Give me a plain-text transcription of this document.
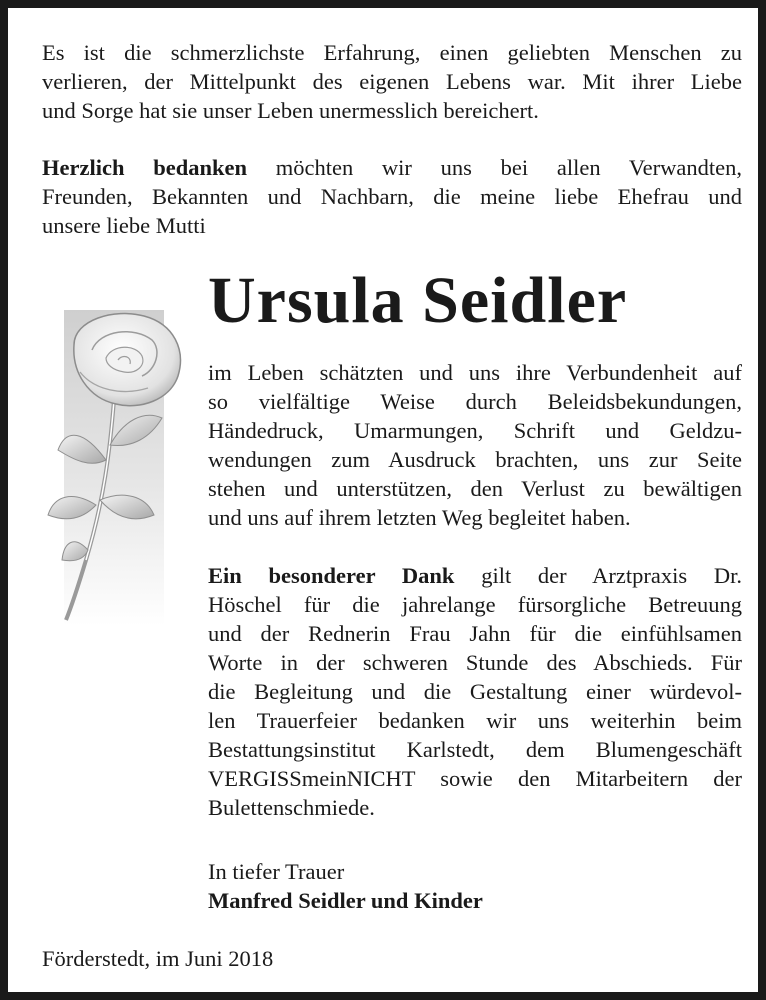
Es ist die schmerzlichste Erfahrung, einen geliebten Menschen zu
verlieren, der Mittelpunkt des eigenen Lebens war. Mit ihrer Liebe
und Sorge hat sie unser Leben unermesslich bereichert.
Herzlich bedanken möchten wir uns bei allen Verwandten,
Freunden, Bekannten und Nachbarn, die meine liebe Ehefrau und
unsere liebe Mutti
Ursula Seidler
im Leben schätzten und uns ihre Verbundenheit auf
so vielfältige Weise durch Beleidsbekundungen,
Händedruck, Umarmungen, Schrift und Geldzu-
wendungen zum Ausdruck brachten, uns zur Seite
stehen und unterstützen, den Verlust zu bewältigen
und uns auf ihrem letzten Weg begleitet haben.
Ein besonderer Dank gilt der Arztpraxis Dr.
Höschel für die jahrelange fürsorgliche Betreuung
und der Rednerin Frau Jahn für die einfühlsamen
Worte in der schweren Stunde des Abschieds. Für
die Begleitung und die Gestaltung einer würdevol-
len Trauerfeier bedanken wir uns weiterhin beim
Bestattungsinstitut Karlstedt, dem Blumengeschäft
VERGISSmeinNICHT sowie den Mitarbeitern der
Bulettenschmiede.
In tiefer Trauer
Manfred Seidler und Kinder
Förderstedt, im Juni 2018
